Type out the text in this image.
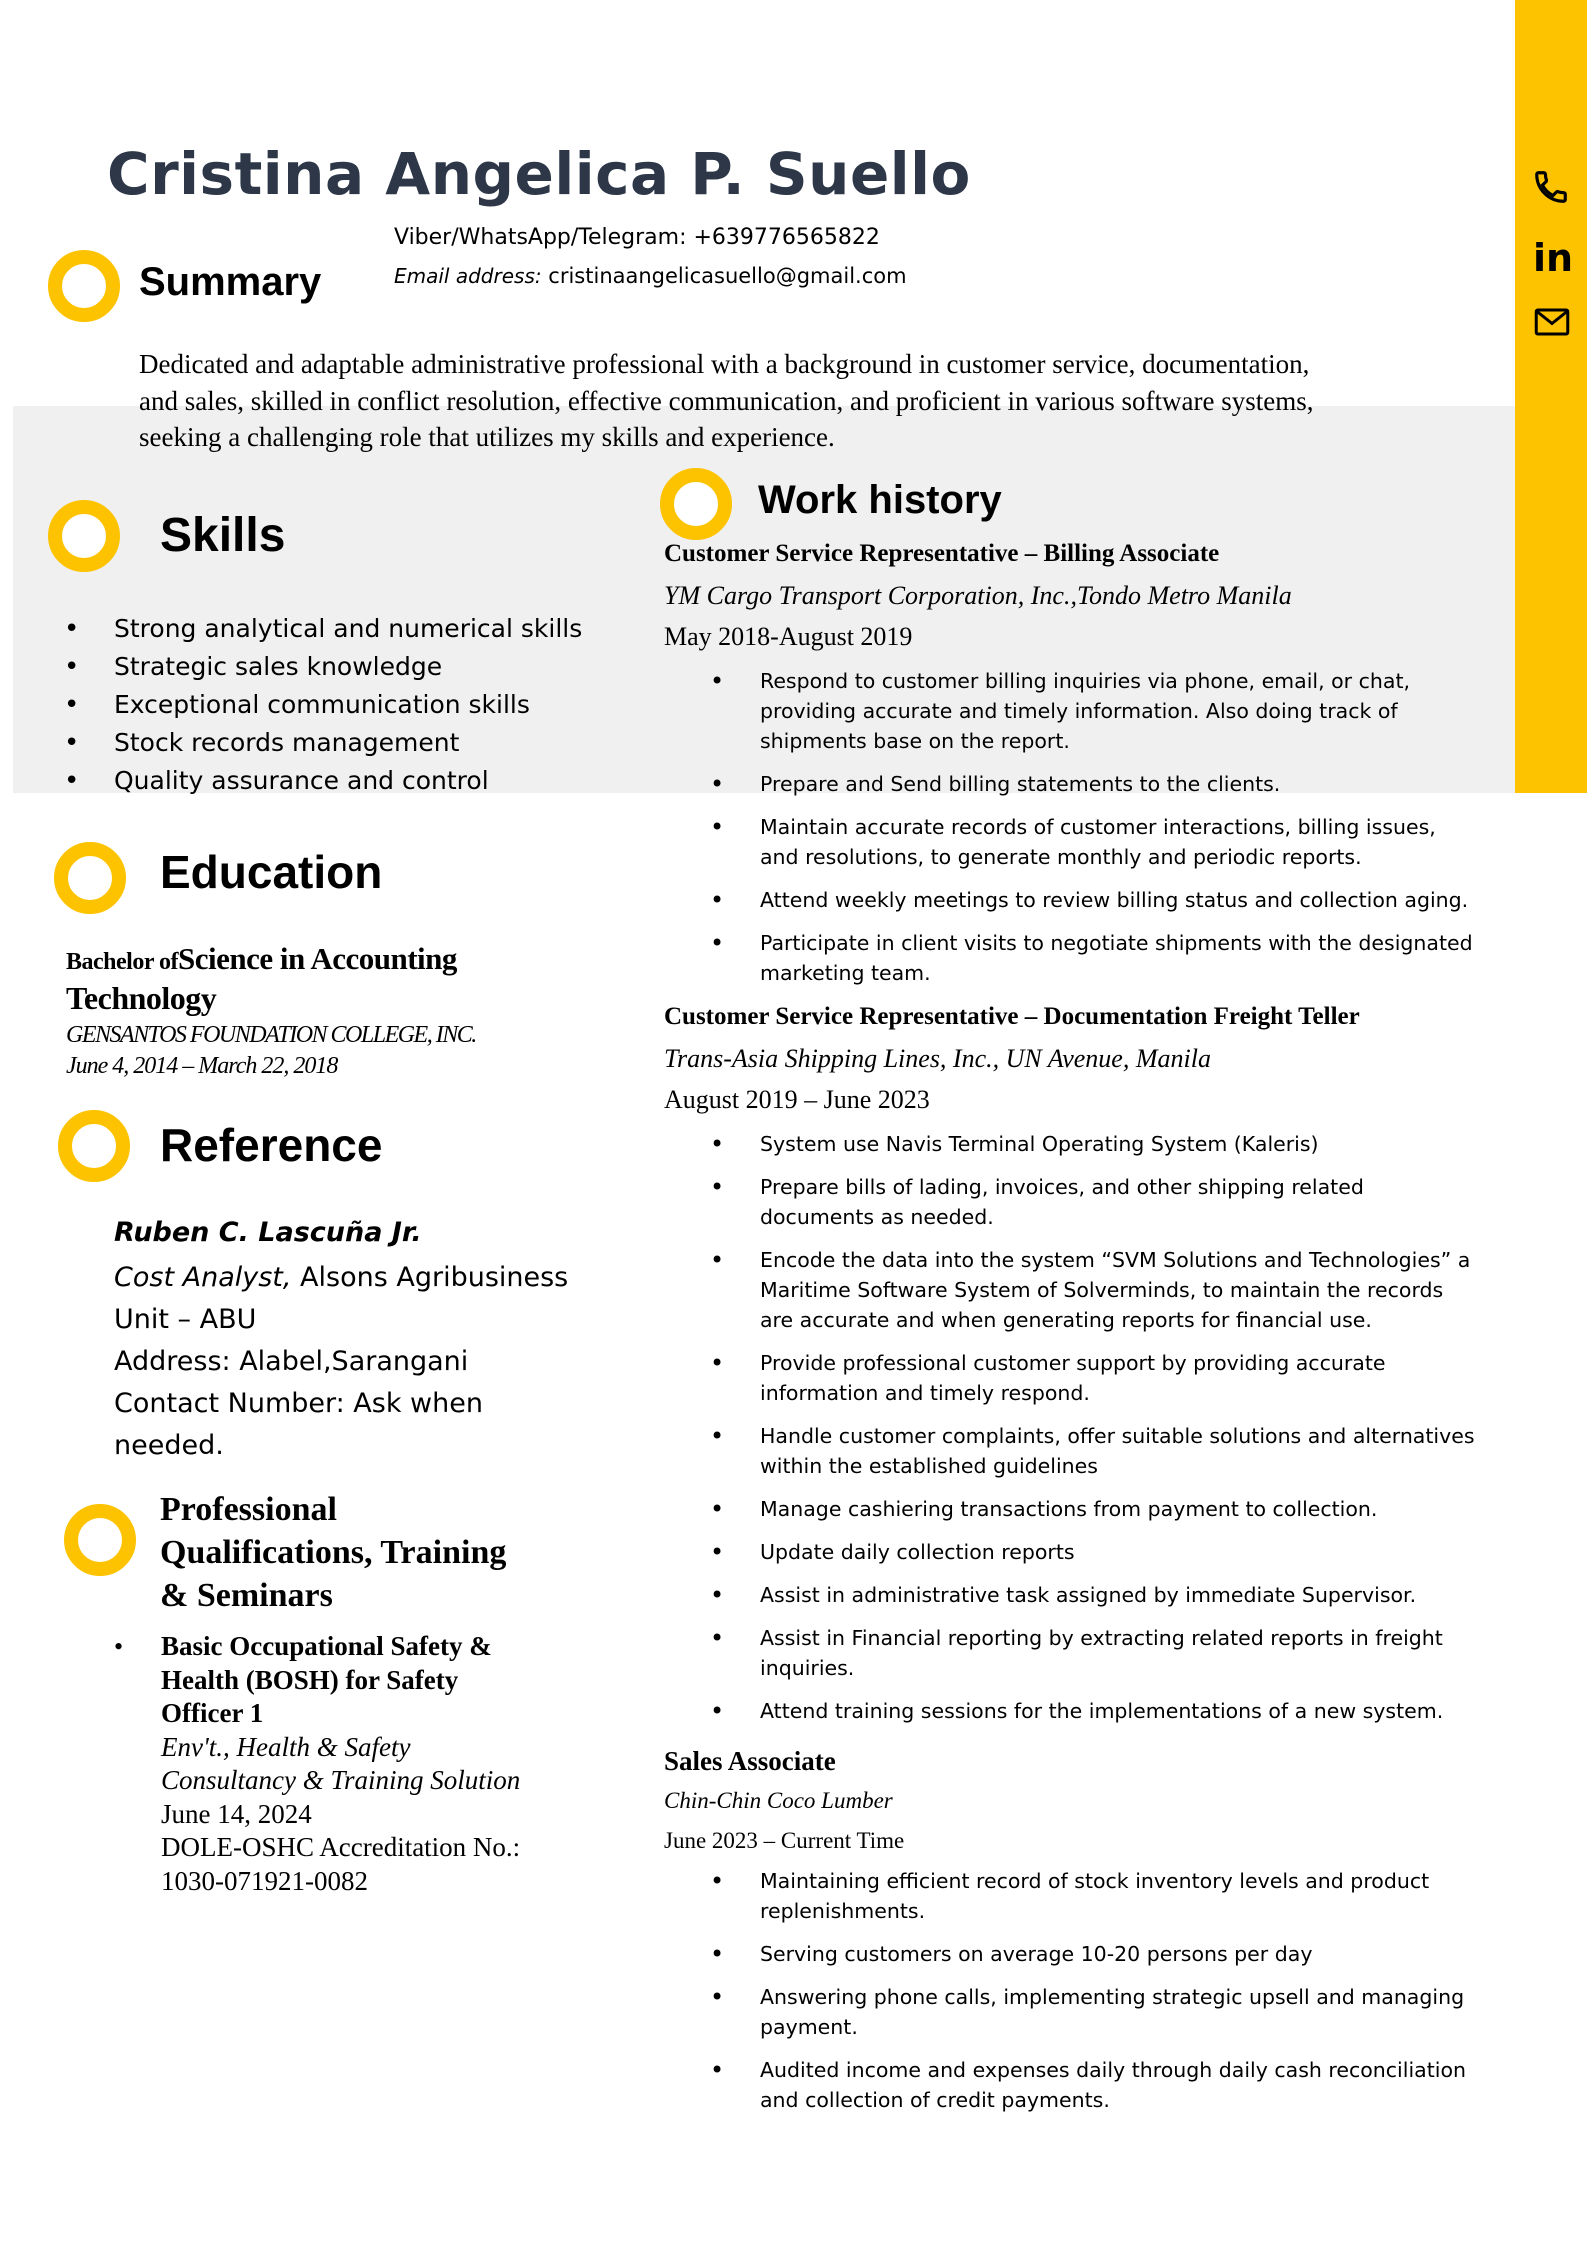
in
Cristina Angelica P. Suello
Viber/WhatsApp/Telegram: +639776565822
Email address: cristinaangelicasuello@gmail.com
Summary
Dedicated and adaptable administrative professional with a background in customer service, documentation, and sales, skilled in conflict resolution, effective communication, and proficient in various software systems, seeking a challenging role that utilizes my skills and experience.
Skills
• Strong analytical and numerical skills
• Strategic sales knowledge
• Exceptional communication skills
• Stock records management
• Quality assurance and control
Education
Bachelor ofScience in Accounting
Technology
GENSANTOS FOUNDATION COLLEGE, INC.
June 4, 2014 – March 22, 2018
Reference
Ruben C. Lascuña Jr.
Cost Analyst, Alsons Agribusiness
Unit – ABU
Address: Alabel,Sarangani
Contact Number: Ask when
needed.
Professional
Qualifications, Training
& Seminars
• Basic Occupational Safety &
Health (BOSH) for Safety
Officer 1
Env't., Health & Safety
Consultancy & Training Solution
June 14, 2024
DOLE-OSHC Accreditation No.:
1030-071921-0082
Work history
Customer Service Representative – Billing Associate
YM Cargo Transport Corporation, Inc.,Tondo Metro Manila
May 2018-August 2019
• Respond to customer billing inquiries via phone, email, or chat, providing accurate and timely information. Also doing track of shipments base on the report.
• Prepare and Send billing statements to the clients.
• Maintain accurate records of customer interactions, billing issues, and resolutions, to generate monthly and periodic reports.
• Attend weekly meetings to review billing status and collection aging.
• Participate in client visits to negotiate shipments with the designated marketing team.
Customer Service Representative – Documentation Freight Teller
Trans-Asia Shipping Lines, Inc., UN Avenue, Manila
August 2019 – June 2023
• System use Navis Terminal Operating System (Kaleris)
• Prepare bills of lading, invoices, and other shipping related documents as needed.
• Encode the data into the system “SVM Solutions and Technologies” a Maritime Software System of Solverminds, to maintain the records are accurate and when generating reports for financial use.
• Provide professional customer support by providing accurate information and timely respond.
• Handle customer complaints, offer suitable solutions and alternatives within the established guidelines
• Manage cashiering transactions from payment to collection.
• Update daily collection reports
• Assist in administrative task assigned by immediate Supervisor.
• Assist in Financial reporting by extracting related reports in freight inquiries.
• Attend training sessions for the implementations of a new system.
Sales Associate
Chin-Chin Coco Lumber
June 2023 – Current Time
• Maintaining efficient record of stock inventory levels and product replenishments.
• Serving customers on average 10-20 persons per day
• Answering phone calls, implementing strategic upsell and managing payment.
• Audited income and expenses daily through daily cash reconciliation and collection of credit payments.
